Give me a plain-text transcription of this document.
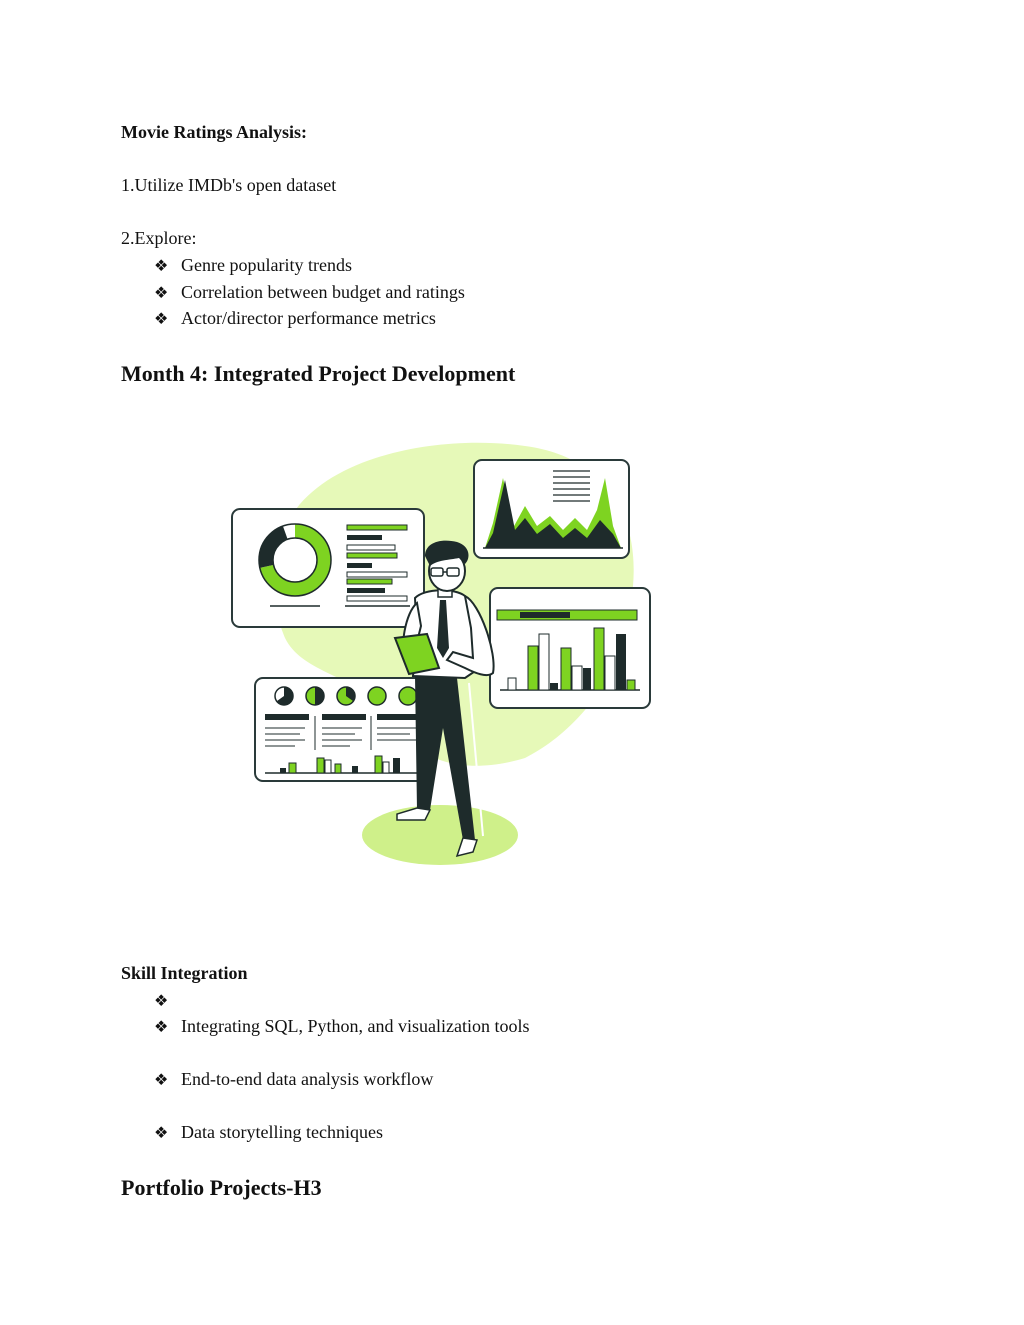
Movie Ratings Analysis:
1.Utilize IMDb's open dataset
2.Explore:
❖ Genre popularity trends
❖ Correlation between budget and ratings
❖ Actor/director performance metrics
Month 4: Integrated Project Development
Skill Integration
❖
❖ Integrating SQL, Python, and visualization tools
❖ End-to-end data analysis workflow
❖ Data storytelling techniques
Portfolio Projects-H3
